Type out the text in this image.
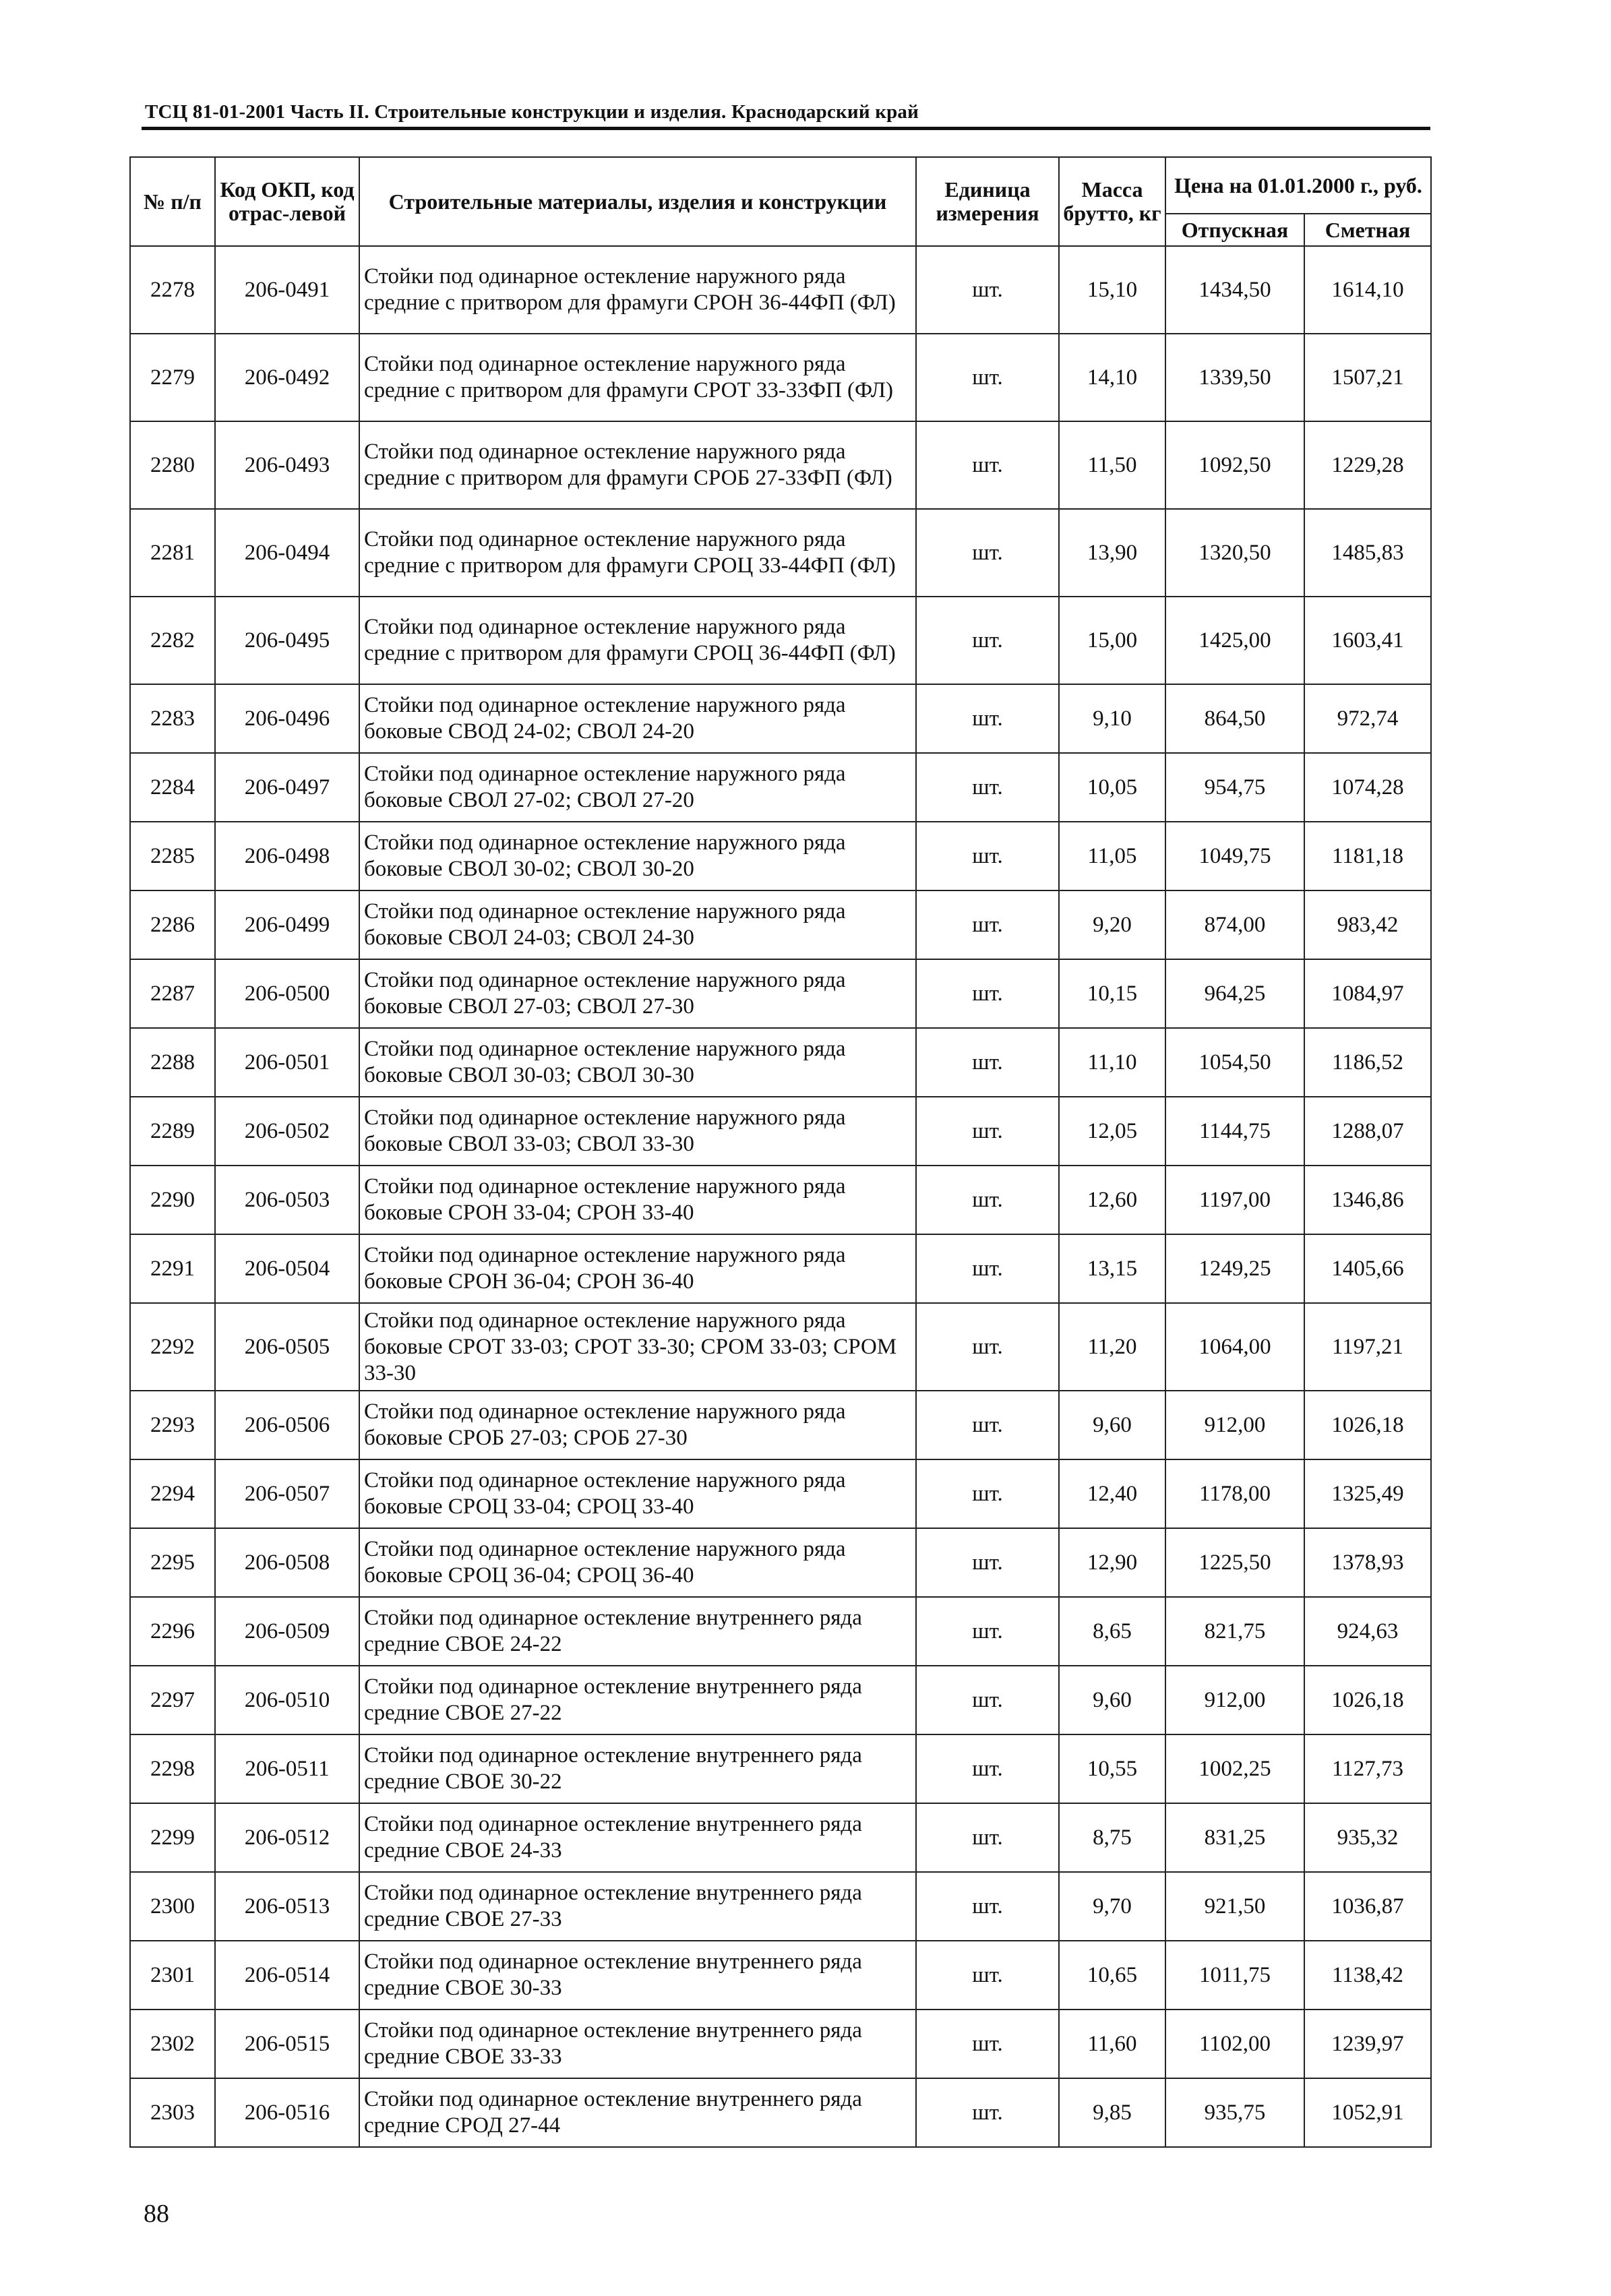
ТСЦ 81-01-2001 Часть II. Строительные конструкции и изделия. Краснодарский край
№ п/п	Код ОКП, код отрас-левой	Строительные материалы, изделия и конструкции	Единица измерения	Масса брутто, кг	Цена на 01.01.2000 г., руб.	
					Отпускная	Сметная
2278	206-0491	Стойки под одинарное остекление наружного ряда средние с притвором для фрамуги СРОН 36-44ФП (ФЛ)	шт.	15,10	1434,50	1614,10
2279	206-0492	Стойки под одинарное остекление наружного ряда средние с притвором для фрамуги СРОТ 33-33ФП (ФЛ)	шт.	14,10	1339,50	1507,21
2280	206-0493	Стойки под одинарное остекление наружного ряда средние с притвором для фрамуги СРОБ 27-33ФП (ФЛ)	шт.	11,50	1092,50	1229,28
2281	206-0494	Стойки под одинарное остекление наружного ряда средние с притвором для фрамуги СРОЦ 33-44ФП (ФЛ)	шт.	13,90	1320,50	1485,83
2282	206-0495	Стойки под одинарное остекление наружного ряда средние с притвором для фрамуги СРОЦ 36-44ФП (ФЛ)	шт.	15,00	1425,00	1603,41
2283	206-0496	Стойки под одинарное остекление наружного ряда боковые СВОД 24-02; СВОЛ 24-20	шт.	9,10	864,50	972,74
2284	206-0497	Стойки под одинарное остекление наружного ряда боковые СВОЛ 27-02; СВОЛ 27-20	шт.	10,05	954,75	1074,28
2285	206-0498	Стойки под одинарное остекление наружного ряда боковые СВОЛ 30-02; СВОЛ 30-20	шт.	11,05	1049,75	1181,18
2286	206-0499	Стойки под одинарное остекление наружного ряда боковые СВОЛ 24-03; СВОЛ 24-30	шт.	9,20	874,00	983,42
2287	206-0500	Стойки под одинарное остекление наружного ряда боковые СВОЛ 27-03; СВОЛ 27-30	шт.	10,15	964,25	1084,97
2288	206-0501	Стойки под одинарное остекление наружного ряда боковые СВОЛ 30-03; СВОЛ 30-30	шт.	11,10	1054,50	1186,52
2289	206-0502	Стойки под одинарное остекление наружного ряда боковые СВОЛ 33-03; СВОЛ 33-30	шт.	12,05	1144,75	1288,07
2290	206-0503	Стойки под одинарное остекление наружного ряда боковые СРОН 33-04; СРОН 33-40	шт.	12,60	1197,00	1346,86
2291	206-0504	Стойки под одинарное остекление наружного ряда боковые СРОН 36-04; СРОН 36-40	шт.	13,15	1249,25	1405,66
2292	206-0505	Стойки под одинарное остекление наружного ряда боковые СРОТ 33-03; СРОТ 33-30; СРОМ 33-03; СРОМ 33-30	шт.	11,20	1064,00	1197,21
2293	206-0506	Стойки под одинарное остекление наружного ряда боковые СРОБ 27-03; СРОБ 27-30	шт.	9,60	912,00	1026,18
2294	206-0507	Стойки под одинарное остекление наружного ряда боковые СРОЦ 33-04; СРОЦ 33-40	шт.	12,40	1178,00	1325,49
2295	206-0508	Стойки под одинарное остекление наружного ряда боковые СРОЦ 36-04; СРОЦ 36-40	шт.	12,90	1225,50	1378,93
2296	206-0509	Стойки под одинарное остекление внутреннего ряда средние СВОЕ 24-22	шт.	8,65	821,75	924,63
2297	206-0510	Стойки под одинарное остекление внутреннего ряда средние СВОЕ 27-22	шт.	9,60	912,00	1026,18
2298	206-0511	Стойки под одинарное остекление внутреннего ряда средние СВОЕ 30-22	шт.	10,55	1002,25	1127,73
2299	206-0512	Стойки под одинарное остекление внутреннего ряда средние СВОЕ 24-33	шт.	8,75	831,25	935,32
2300	206-0513	Стойки под одинарное остекление внутреннего ряда средние СВОЕ 27-33	шт.	9,70	921,50	1036,87
2301	206-0514	Стойки под одинарное остекление внутреннего ряда средние СВОЕ 30-33	шт.	10,65	1011,75	1138,42
2302	206-0515	Стойки под одинарное остекление внутреннего ряда средние СВОЕ 33-33	шт.	11,60	1102,00	1239,97
2303	206-0516	Стойки под одинарное остекление внутреннего ряда средние СРОД 27-44	шт.	9,85	935,75	1052,91
88
